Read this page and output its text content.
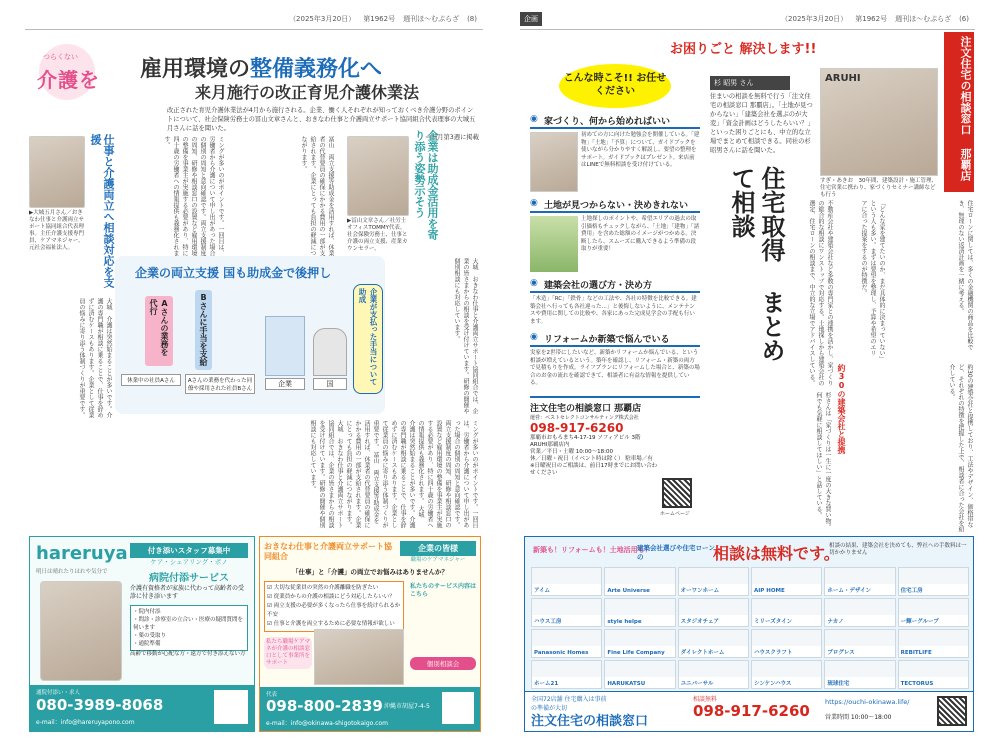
（2025年3月20日） 第1962号 週刊ほ〜むぷらざ (8)
つらくない
介護を 雇用環境の整備義務化へ
来月施行の改正育児介護休業法
改正された育児介護休業法が4月から施行される。企業、働く人それぞれが知っておくべき介護分野のポイントについて、社会保険労務士の冨山文章さんと、おきなわ仕事と介護両立サポート協同組合代表理事の大城五月さんに話を聞いた。
＝隔月第3週に掲載
▶大城五月さん／おきなわ仕事と介護両立サポート協同組合代表理事。主任介護支援専門員、ケアマネジャー。元社会福祉法人。	仕事と介護両立へ相談対応を支援	ミングが多いのがポイントです。一回目は、労働者から介護について申し出があった場合の個別の周知と意向確認です。両立支援制度の周知、研修や相談窓口の設置など雇用環境の整備を事業主が実施する必要があり、特に四十歳の労働者への情報提供も義務化されます。	企業は助成金活用を寄り添う姿勢示そう
冨山　両立支援等助成金を活用すれば、休業者の代替要員の確保にかかる費用の一部が支給されます。企業にとっても負担の軽減につながります。
▶冨山文章さん／社労士オフィスTOMMY代表。社会保険労務士、仕事と介護の両立支援、産業カウンセラー。
企業の両立支援 国も助成金で後押し
Aさんの業務を代行	Bさんに手当を支給
休業中の社員Aさん	Aさんの業務を代わった同僚や採用された社員Bさん
企業	国	企業が支払った手当について助成
大城　介護は突然始まることが多いです。介護の専門職が相談に乗ることで、仕事を辞めずに済むケースもあります。企業として従業員の悩みに寄り添う体制づくりが重要です。	大城　おきなわ仕事と介護両立サポート協同組合では、企業の皆さまからの相談を受け付けています。研修の開催や個別相談にも対応しています。
ミングが多いのがポイントです。一回目は、労働者から介護について申し出があった場合の個別の周知と意向確認です。両立支援制度の周知、研修や相談窓口の設置など雇用環境の整備を事業主が実施する必要があり、特に四十歳の労働者への情報提供も義務化されます。 大城　介護は突然始まることが多いです。介護の専門職が相談に乗ることで、仕事を辞めずに済むケースもあります。企業として従業員の悩みに寄り添う体制づくりが重要です。 冨山　両立支援等助成金を活用すれば、休業者の代替要員の確保にかかる費用の一部が支給されます。企業にとっても負担の軽減につながります。 大城　おきなわ仕事と介護両立サポート協同組合では、企業の皆さまからの相談を受け付けています。研修の開催や個別相談にも対応しています。
hareruya
明日は晴れたりはれや気分で
付き添いスタッフ募集中
ケア・シェアリング・ボノ
病院付添サービス
介護有資格者が家族に代わって高齢者の受診に付き添います
・院内付添
・問診・診察室の立合い・医療の疑問質問を伺います
・薬の受取り
・通院準備
高齢で移動が心配な方・遠方で付き添えない方
通院付添い・求人
080-3989-8068
e-mail：info@hareruyapono.com
おきなわ仕事と介護両立サポート協同組合
企業の皆様
職場のケアマネジャー
「仕事」と「介護」の両立でお悩みはありませんか？
☑ 大切な従業員の突然の介護離職を防ぎたい
☑ 従業員からの介護の相談にどう対応したらいい？
☑ 両立支援の必要が多くなったら仕事を続けられるか不安
☑ 仕事と介護を両立するために必要な情報が欲しい
私たちのサービス内容はこちら
私たち職場ケアマネが介護の相談窓口として事業所をサポート	個別相談会
代表
098-800-2839 沖縄市胡屋7-4-5
e-mail：info@okinawa-shigotokaigo.com
企画	（2025年3月20日） 第1962号 週刊ほ〜むぷらざ (6)
お困りごと 解決します!!	注文住宅の相談窓口 那覇店
こんな時こそ!! お任せください
◉ 家づくり、何から始めればいい
初めての方に向けた勉強会を開催している。「建物」「土地」「予算」について、ガイドブックを使いながら分かりやすく解説し、要望の整理をサポート。ガイドブックはプレゼント。来店前はLINEで無料相談を受け付けている。
◉ 土地が見つからない・決めきれない
土地探しのポイントや、希望エリアの過去の取引価格もチェックしながら、「土地」「建物」「諸費用」を含めた総額のイメージがつかめる。決断したら、スムーズに購入できるよう準備の段取りが重要！
◉ 建築会社の選び方・決め方
「木造」「RC」「鉄骨」などの工法や、各社の特徴を比較できる。建築会社へ行っても各社違った…」と後悔しないように、メンテナンスや費用に関しての比較や、各家にあった完成見学会の手配も行います。
◉ リフォームか新築で悩んでいる
実家を2世帯にしたいなど、新築かリフォームか悩んでいる、という相談が増えているという。築年を確認し、リフォーム・新築の両方で見積もりを作成。ライフプランにリフォームした場合と、新築の場合のお金の流れを確認できて、相談者に有益な情報を提供している。
注文住宅の相談窓口 那覇店
運営：ベストセレクトコンサルティング株式会社
098-917-6260
那覇市おもろまち4-17-19 ソフィアビル 3階 ARUHI那覇店内
営業／平日・土曜 10:00〜18:00
休／日曜・祝日（イベント時は除く） 駐車場／有
※日曜祝日のご相談は、前日17時までにお問い合わせください
ホームページ
杉 昭男 さん
住まいの相談を無料で行う「注文住宅の相談窓口 那覇店」。「土地が見つからない」「建築会社を選ぶのが大変」「資金計画はどうしたらいい？」といった困りごとにも、中立的な立場でまとめて相談できる。同社の杉昭男さんに話を聞いた。
ARUHI
すぎ・あきお　30年間、建築設計・施工管理、住宅営業に携わり、家づくりセミナー講師なども行う
住宅取得 まとめて相談	不動産会社や建築会社など多数の専門家との連携を活かし、家づくりの総合的な相談にワンストップで対応する。土地探しから建築会社の選定、住宅ローンの相談まで、中立的な立場でアドバイスしている。	「どんな家を建てたいのか、まだ具体的に決まっていない」という人も多い。まずは要望を整理し、予算や希望のエリアに合った提案をするのが特徴だ。	住宅ローンに関しては、多くの金融機関の商品を比較でき、無理のない返済計画を一緒に考える。
約30の建築会社と提携	約30の建築会社と提携しており、工法やデザイン、価格帯など、それぞれの特徴を把握した上で、相談者に合った会社を紹介している。
杉さんは「家づくりは一生に一度の大きな買い物。何でも気軽に相談してほしい」と話している。
新築も！リフォームも！土地活用も！
建築会社選びや住宅ローンの	相談は無料です。
相談の結果、建築会社を決めても、弊社への手数料は一切かかりません
アイム	Arte Universe	オーワンホーム	AIP HOME	ホーム・デザイン	住宅工房
ハウス工房	style helpe	スタジオチェア	ミリーズタイン	ナカノ	ー輝ーグループ
Panasonic Homes	Fine Life Company	ダイレクトホーム	ハウスクラフト	プログレス	REBITLIFE
ホーム21	HARUKATSU	ユニバーサル	シンケンハウス	琉球住宅	TECTORUS
全国72店舗 住宅購入は事前の準備が大切
注文住宅の相談窓口
相談無料
098-917-6260 https://ouchi-okinawa.life/
営業時間 10:00〜18:00
